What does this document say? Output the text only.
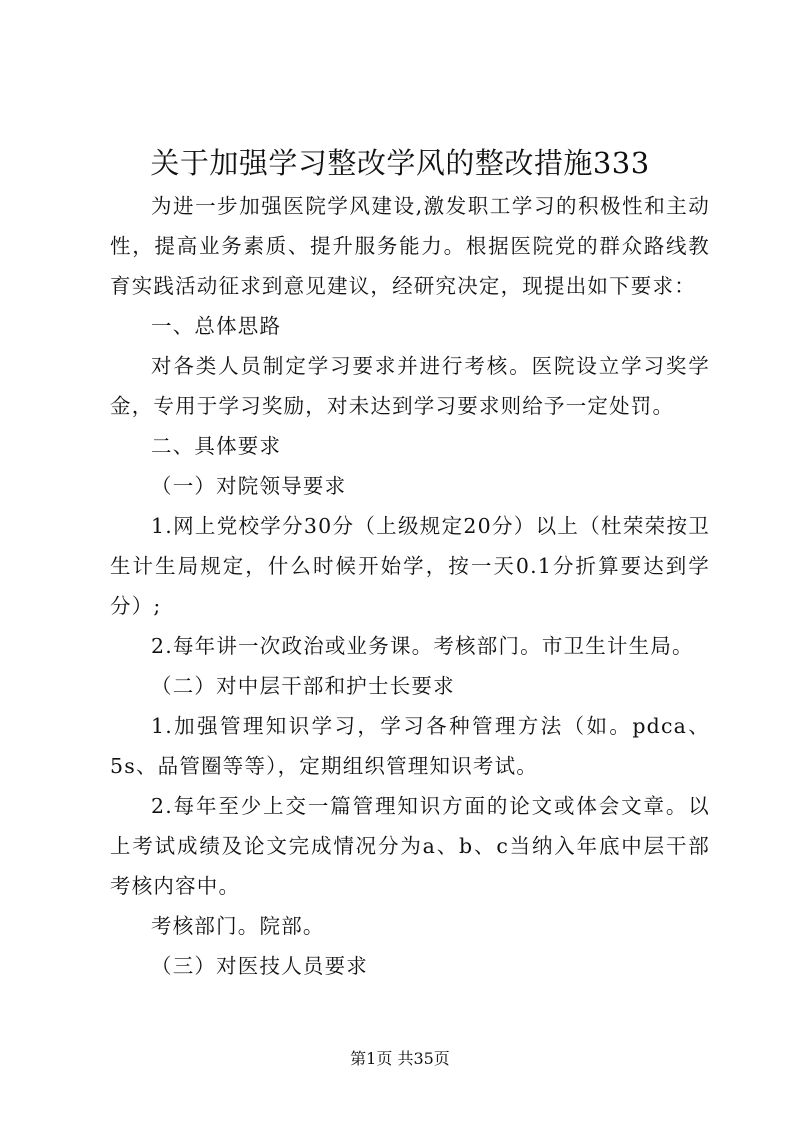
关于加强学习整改学风的整改措施333

为进一步加强医院学风建设,激发职工学习的积极性和主动性，提高业务素质、提升服务能力。根据医院党的群众路线教育实践活动征求到意见建议，经研究决定，现提出如下要求：

一、总体思路

对各类人员制定学习要求并进行考核。医院设立学习奖学金，专用于学习奖励，对未达到学习要求则给予一定处罚。

二、具体要求

（一）对院领导要求

1.网上党校学分30分（上级规定20分）以上（杜荣荣按卫生计生局规定，什么时候开始学，按一天0.1分折算要达到学分）;

2.每年讲一次政治或业务课。考核部门。市卫生计生局。

（二）对中层干部和护士长要求

1.加强管理知识学习，学习各种管理方法（如。pdca、5s、品管圈等等），定期组织管理知识考试。

2.每年至少上交一篇管理知识方面的论文或体会文章。以上考试成绩及论文完成情况分为a、b、c当纳入年底中层干部考核内容中。

考核部门。院部。

（三）对医技人员要求

第1页 共35页
